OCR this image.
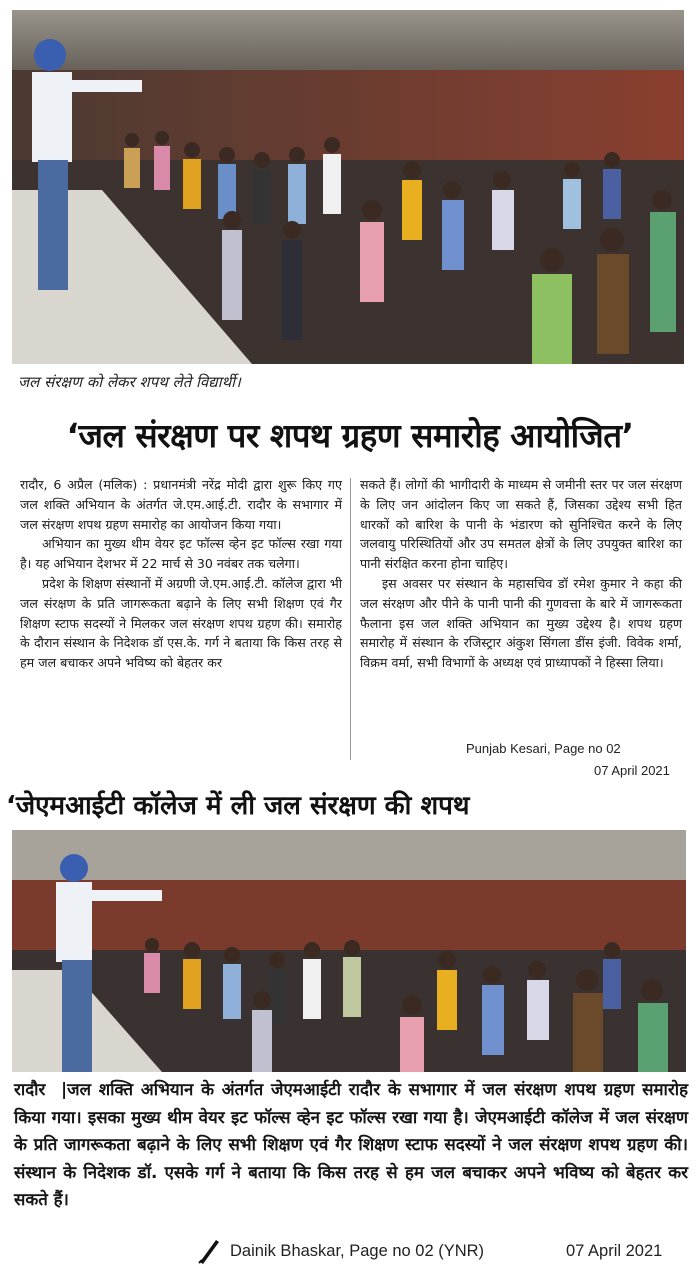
जल संरक्षण को लेकर शपथ लेते विद्यार्थी।
‘जल संरक्षण पर शपथ ग्रहण समारोह आयोजित’

रादौर, 6 अप्रैल (मलिक) : प्रधानमंत्री नरेंद्र मोदी द्वारा शुरू किए गए जल शक्ति अभियान के अंतर्गत जे.एम.आई.टी. रादौर के सभागार में जल संरक्षण शपथ ग्रहण समारोह का आयोजन किया गया।

अभियान का मुख्य थीम वेयर इट फॉल्स व्हेन इट फॉल्स रखा गया है। यह अभियान देशभर में 22 मार्च से 30 नवंबर तक चलेगा।

प्रदेश के शिक्षण संस्थानों में अग्रणी जे.एम.आई.टी. कॉलेज द्वारा भी जल संरक्षण के प्रति जागरूकता बढ़ाने के लिए सभी शिक्षण एवं गैर शिक्षण स्टाफ सदस्यों ने मिलकर जल संरक्षण शपथ ग्रहण की। समारोह के दौरान संस्थान के निदेशक डॉ एस.के. गर्ग ने बताया कि किस तरह से हम जल बचाकर अपने भविष्य को बेहतर कर

सकते हैं। लोगों की भागीदारी के माध्यम से जमीनी स्तर पर जल संरक्षण के लिए जन आंदोलन किए जा सकते हैं, जिसका उद्देश्य सभी हित धारकों को बारिश के पानी के भंडारण को सुनिश्चित करने के लिए जलवायु परिस्थितियों और उप समतल क्षेत्रों के लिए उपयुक्त बारिश का पानी संरक्षित करना होना चाहिए।

इस अवसर पर संस्थान के महासचिव डॉ रमेश कुमार ने कहा की जल संरक्षण और पीने के पानी पानी की गुणवत्ता के बारे में जागरूकता फैलाना इस जल शक्ति अभियान का मुख्य उद्देश्य है। शपथ ग्रहण समारोह में संस्थान के रजिस्ट्रार अंकुश सिंगला डींस इंजी. विवेक शर्मा, विक्रम वर्मा, सभी विभागों के अध्यक्ष एवं प्राध्यापकों ने हिस्सा लिया।

Punjab Kesari, Page no 02
07 April 2021
‘जेएमआईटी कॉलेज में ली जल संरक्षण की शपथ
रादौर  |जल शक्ति अभियान के अंतर्गत जेएमआईटी रादौर के सभागार में जल संरक्षण शपथ ग्रहण समारोह किया गया। इसका मुख्य थीम वेयर इट फॉल्स व्हेन इट फॉल्स रखा गया है। जेएमआईटी कॉलेज में जल संरक्षण के प्रति जागरूकता बढ़ाने के लिए सभी शिक्षण एवं गैर शिक्षण स्टाफ सदस्यों ने जल संरक्षण शपथ ग्रहण की। संस्थान के निदेशक डॉ. एसके गर्ग ने बताया कि किस तरह से हम जल बचाकर अपने भविष्य को बेहतर कर सकते हैं।
Dainik Bhaskar, Page no 02 (YNR)	07 April 2021
